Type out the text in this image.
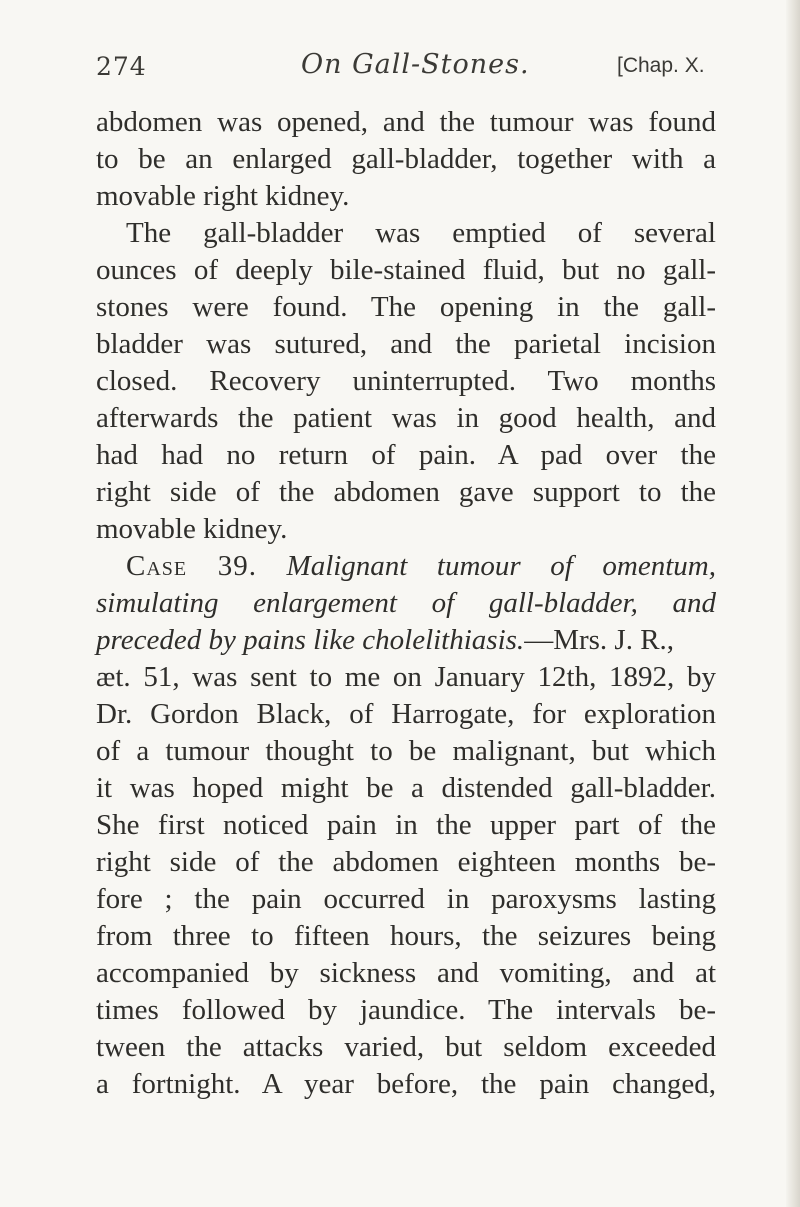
274	On Gall-Stones.	[Chap. X.
abdomen was opened, and the tumour was found
to be an enlarged gall-bladder, together with a
movable right kidney.
The gall-bladder was emptied of several
ounces of deeply bile-stained fluid, but no gall-
stones were found. The opening in the gall-
bladder was sutured, and the parietal incision
closed. Recovery uninterrupted. Two months
afterwards the patient was in good health, and
had had no return of pain. A pad over the
right side of the abdomen gave support to the
movable kidney.
Case 39. Malignant tumour of omentum,
simulating enlargement of gall-bladder, and
preceded by pains like cholelithiasis.—Mrs. J. R.,
æt. 51, was sent to me on January 12th, 1892, by
Dr. Gordon Black, of Harrogate, for exploration
of a tumour thought to be malignant, but which
it was hoped might be a distended gall-bladder.
She first noticed pain in the upper part of the
right side of the abdomen eighteen months be-
fore ; the pain occurred in paroxysms lasting
from three to fifteen hours, the seizures being
accompanied by sickness and vomiting, and at
times followed by jaundice. The intervals be-
tween the attacks varied, but seldom exceeded
a fortnight. A year before, the pain changed,
